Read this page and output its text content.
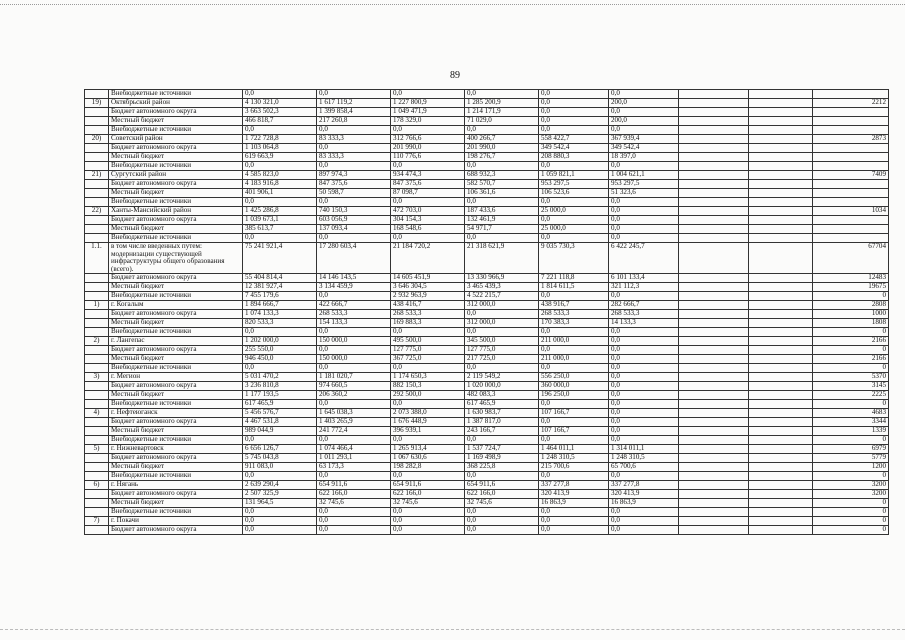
89
	Внебюджетные источники	0,0	0,0	0,0	0,0	0,0	0,0			
19)	Октябрьский район	4 130 321,0	1 617 119,2	1 227 800,9	1 285 200,9	0,0	200,0			2212
	Бюджет автономного округа	3 663 502,3	1 399 858,4	1 049 471,9	1 214 171,9	0,0	0,0			
	Местный бюджет	466 818,7	217 260,8	178 329,0	71 029,0	0,0	200,0			
	Внебюджетные источники	0,0	0,0	0,0	0,0	0,0	0,0			
20)	Советский район	1 722 728,8	83 333,3	312 766,6	400 266,7	558 422,7	367 939,4			2873
	Бюджет автономного округа	1 103 064,8	0,0	201 990,0	201 990,0	349 542,4	349 542,4			
	Местный бюджет	619 663,9	83 333,3	110 776,6	198 276,7	208 880,3	18 397,0			
	Внебюджетные источники	0,0	0,0	0,0	0,0	0,0	0,0			
21)	Сургутский район	4 585 823,0	897 974,3	934 474,3	688 932,3	1 059 821,1	1 004 621,1			7409
	Бюджет автономного округа	4 183 916,8	847 375,6	847 375,6	582 570,7	953 297,5	953 297,5			
	Местный бюджет	401 906,1	50 598,7	87 098,7	106 361,6	106 523,6	51 323,6			
	Внебюджетные источники	0,0	0,0	0,0	0,0	0,0	0,0			
22)	Ханты-Мансийский район	1 425 286,8	740 150,3	472 703,0	187 433,6	25 000,0	0,0			1034
	Бюджет автономного округа	1 039 673,1	603 056,9	304 154,3	132 461,9	0,0	0,0			
	Местный бюджет	385 613,7	137 093,4	168 548,6	54 971,7	25 000,0	0,0			
	Внебюджетные источники	0,0	0,0	0,0	0,0	0,0	0,0			
1.1.	в том числе введенных путем: модернизации существующей инфраструктуры общего образования (всего).	75 241 921,4	17 280 603,4	21 184 720,2	21 318 621,9	9 035 730,3	6 422 245,7			67704
	Бюджет автономного округа	55 404 814,4	14 146 143,5	14 605 451,9	13 330 966,9	7 221 118,8	6 101 133,4			12483
	Местный бюджет	12 381 927,4	3 134 459,9	3 646 304,5	3 465 439,3	1 814 611,5	321 112,3			19675
	Внебюджетные источники	7 455 179,6	0,0	2 932 963,9	4 522 215,7	0,0	0,0			0
1)	г. Когалым	1 894 666,7	422 666,7	438 416,7	312 000,0	438 916,7	282 666,7			2808
	Бюджет автономного округа	1 074 133,3	268 533,3	268 533,3	0,0	268 533,3	268 533,3			1000
	Местный бюджет	820 533,3	154 133,3	169 883,3	312 000,0	170 383,3	14 133,3			1808
	Внебюджетные источники	0,0	0,0	0,0	0,0	0,0	0,0			0
2)	г. Лангепас	1 202 000,0	150 000,0	495 500,0	345 500,0	211 000,0	0,0			2166
	Бюджет автономного округа	255 550,0	0,0	127 775,0	127 775,0	0,0	0,0			0
	Местный бюджет	946 450,0	150 000,0	367 725,0	217 725,0	211 000,0	0,0			2166
	Внебюджетные источники	0,0	0,0	0,0	0,0	0,0	0,0			0
3)	г. Мегион	5 031 470,2	1 181 020,7	1 174 650,3	2 119 549,2	556 250,0	0,0			5370
	Бюджет автономного округа	3 236 810,8	974 660,5	882 150,3	1 020 000,0	360 000,0	0,0			3145
	Местный бюджет	1 177 193,5	206 360,2	292 500,0	482 083,3	196 250,0	0,0			2225
	Внебюджетные источники	617 465,9	0,0	0,0	617 465,9	0,0	0,0			0
4)	г. Нефтеюганск	5 456 576,7	1 645 038,3	2 073 388,0	1 630 983,7	107 166,7	0,0			4683
	Бюджет автономного округа	4 467 531,8	1 403 265,9	1 676 448,9	1 387 817,0	0,0	0,0			3344
	Местный бюджет	989 044,9	241 772,4	396 939,1	243 166,7	107 166,7	0,0			1339
	Внебюджетные источники	0,0	0,0	0,0	0,0	0,0	0,0			0
5)	г. Нижневартовск	6 656 126,7	1 074 466,4	1 265 913,4	1 537 724,7	1 464 011,1	1 314 011,1			6979
	Бюджет автономного округа	5 745 043,8	1 011 293,1	1 067 630,6	1 169 498,9	1 248 310,5	1 248 310,5			5779
	Местный бюджет	911 083,0	63 173,3	198 282,8	368 225,8	215 700,6	65 700,6			1200
	Внебюджетные источники	0,0	0,0	0,0	0,0	0,0	0,0			0
6)	г. Нягань	2 639 290,4	654 911,6	654 911,6	654 911,6	337 277,8	337 277,8			3200
	Бюджет автономного округа	2 507 325,9	622 166,0	622 166,0	622 166,0	320 413,9	320 413,9			3200
	Местный бюджет	131 964,5	32 745,6	32 745,6	32 745,6	16 863,9	16 863,9			0
	Внебюджетные источники	0,0	0,0	0,0	0,0	0,0	0,0			0
7)	г. Покачи	0,0	0,0	0,0	0,0	0,0	0,0			0
	Бюджет автономного округа	0,0	0,0	0,0	0,0	0,0	0,0			0
